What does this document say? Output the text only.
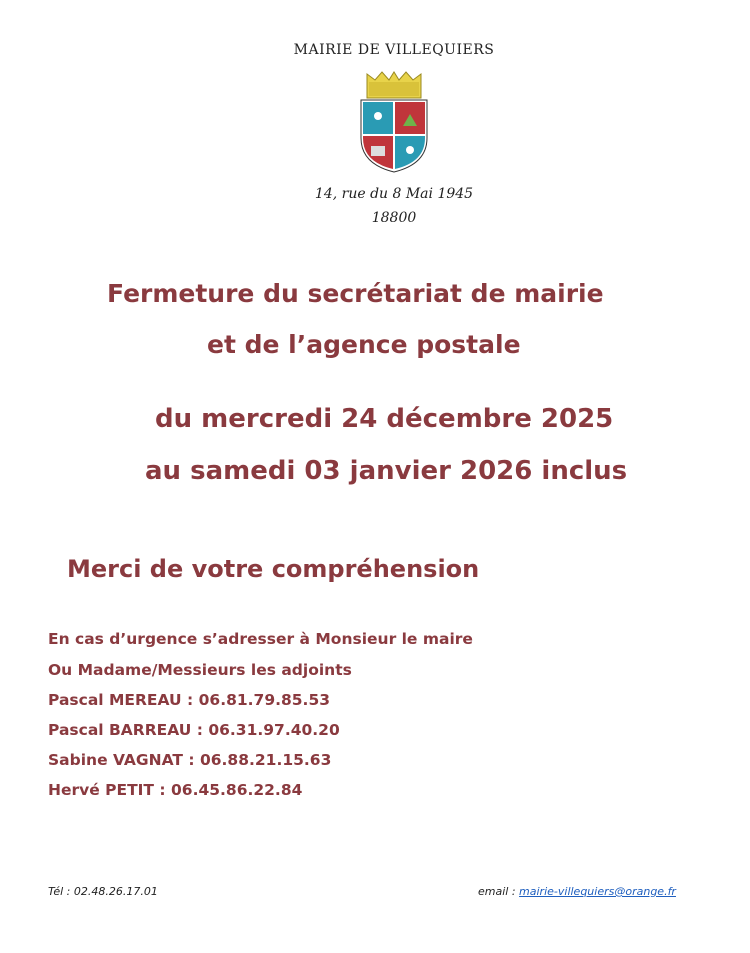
MAIRIE DE VILLEQUIERS
14, rue du 8 Mai 1945
18800
Fermeture du secrétariat de mairie
et de l’agence postale
du mercredi 24 décembre 2025
au samedi 03 janvier 2026 inclus
Merci de votre compréhension
En cas d’urgence s’adresser à Monsieur le maire
Ou Madame/Messieurs les adjoints
Pascal MEREAU : 06.81.79.85.53
Pascal BARREAU : 06.31.97.40.20
Sabine VAGNAT : 06.88.21.15.63
Hervé PETIT : 06.45.86.22.84
Tél : 02.48.26.17.01	email : mairie-villequiers@orange.fr
